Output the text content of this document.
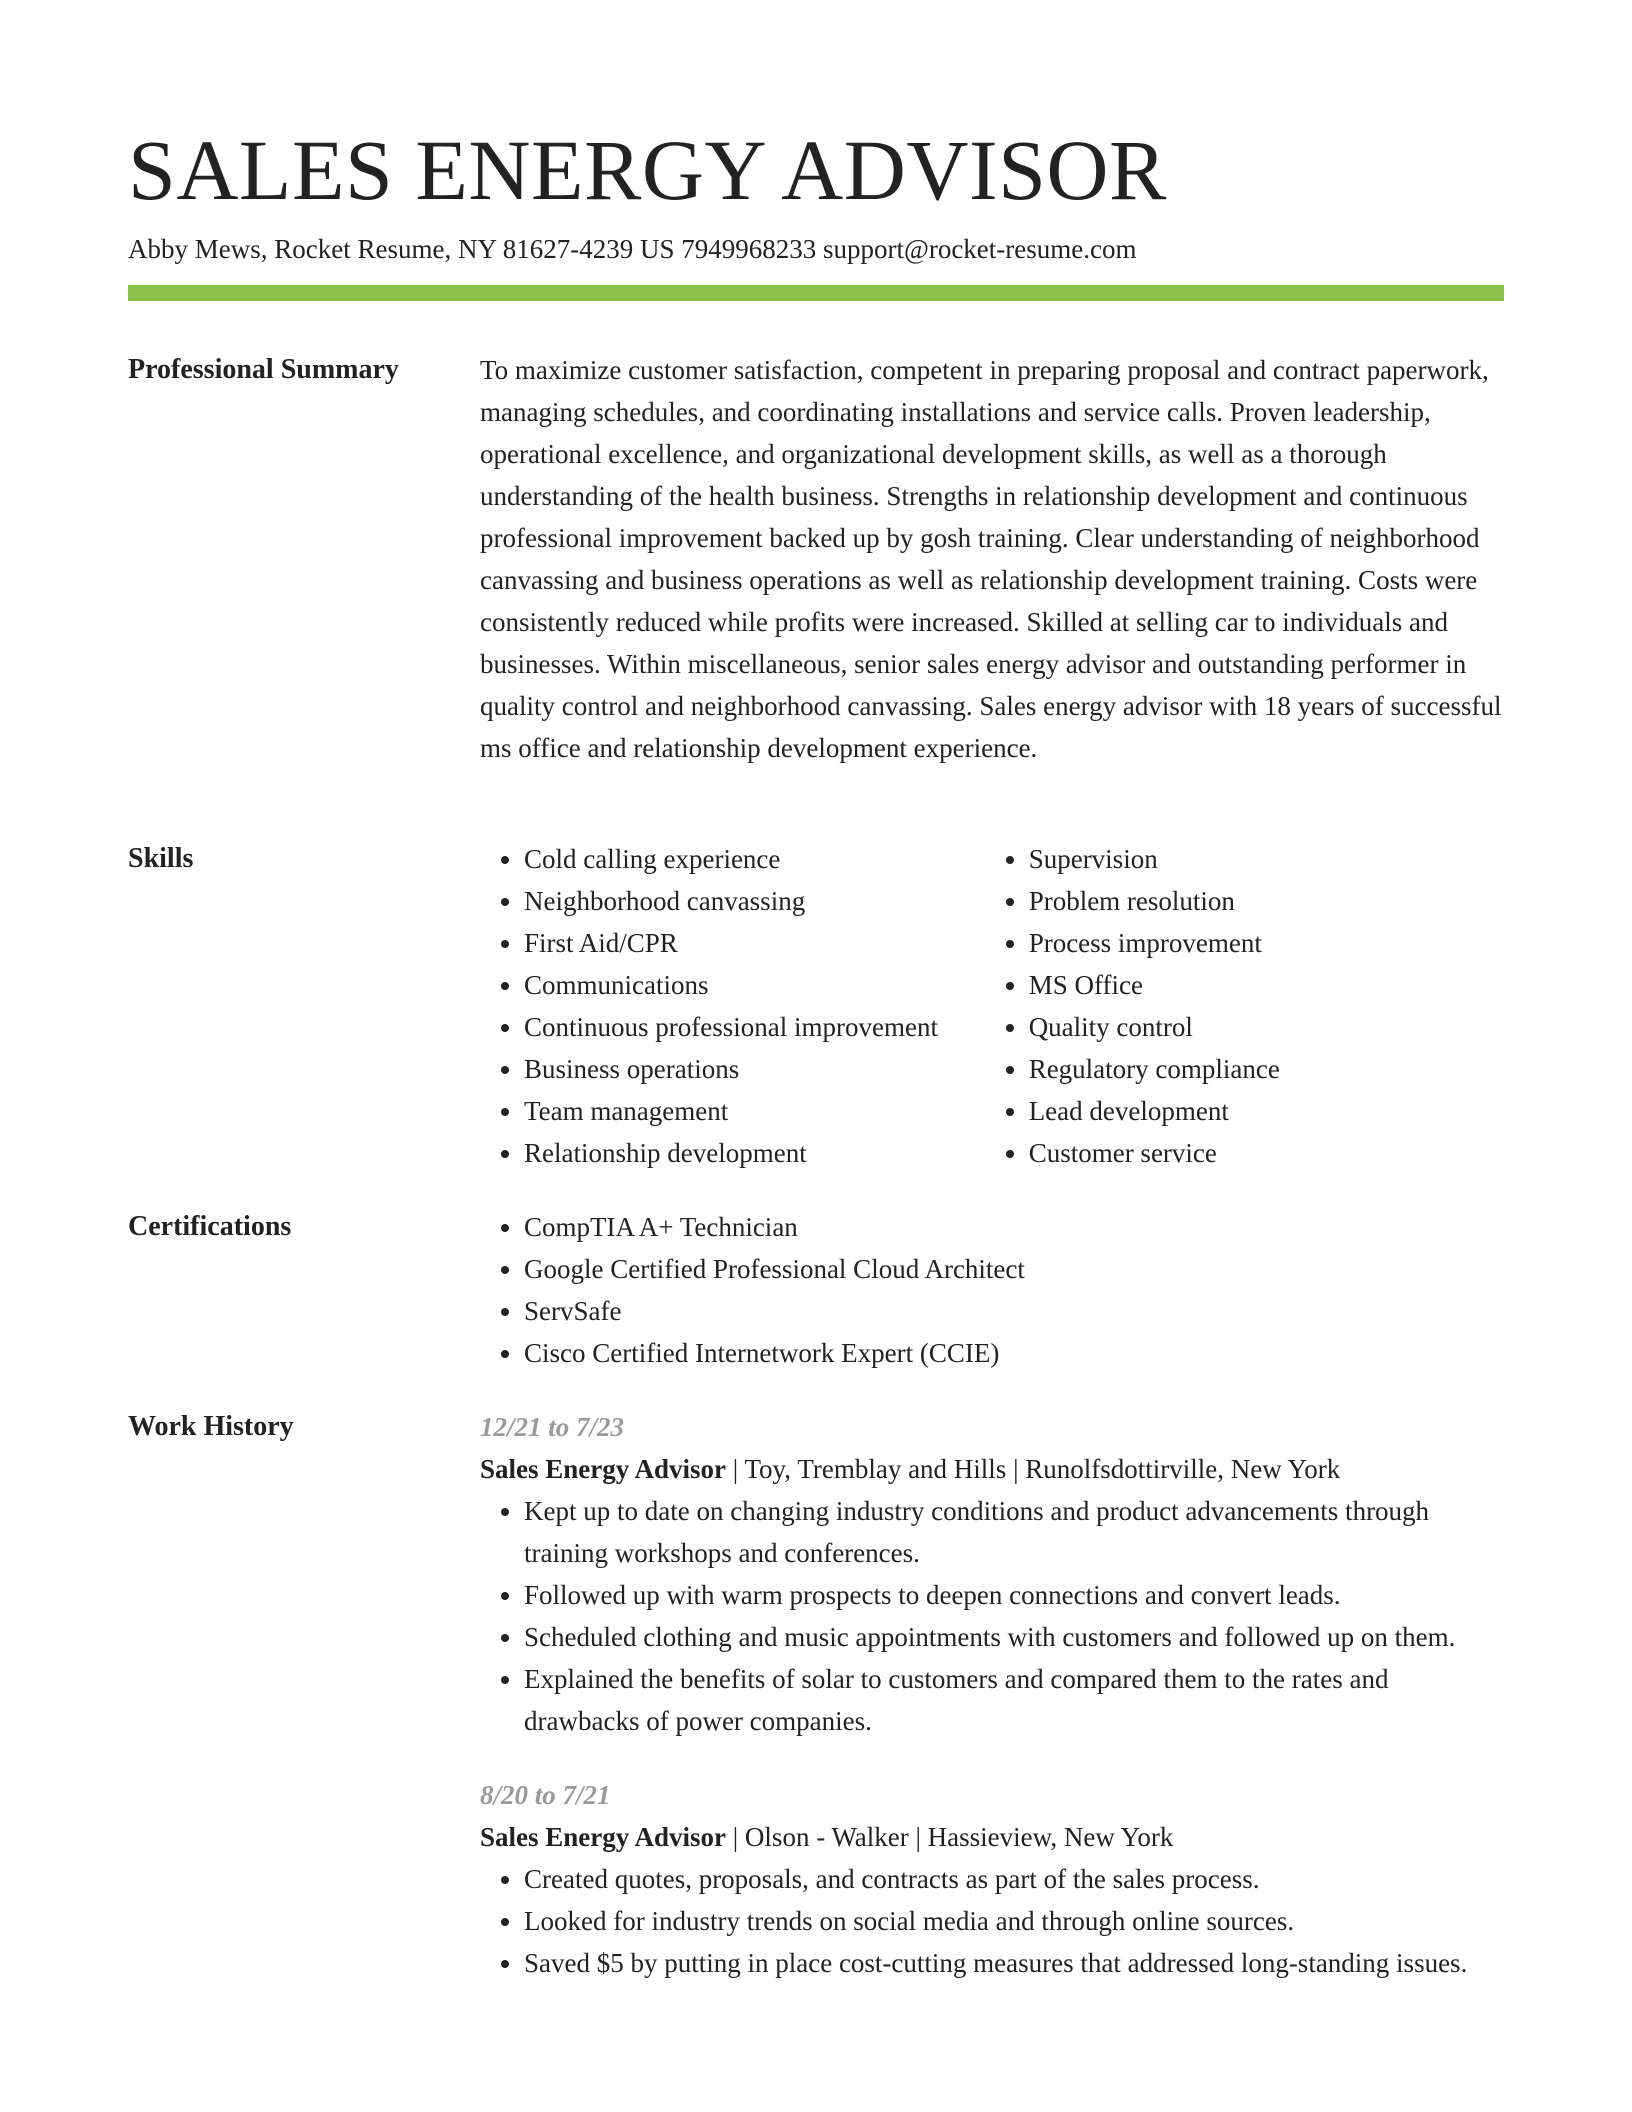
SALES ENERGY ADVISOR
Abby Mews, Rocket Resume, NY 81627-4239 US 7949968233 support@rocket-resume.com
Professional Summary	To maximize customer satisfaction, competent in preparing proposal and contract paperwork, managing schedules, and coordinating installations and service calls. Proven leadership, operational excellence, and organizational development skills, as well as a thorough understanding of the health business. Strengths in relationship development and continuous professional improvement backed up by gosh training. Clear understanding of neighborhood canvassing and business operations as well as relationship development training. Costs were consistently reduced while profits were increased. Skilled at selling car to individuals and businesses. Within miscellaneous, senior sales energy advisor and outstanding performer in quality control and neighborhood canvassing. Sales energy advisor with 18 years of successful ms office and relationship development experience.

Skills	• Cold calling experience
• Neighborhood canvassing
• First Aid/CPR
• Communications
• Continuous professional improvement
• Business operations
• Team management
• Relationship development
• Supervision
• Problem resolution
• Process improvement
• MS Office
• Quality control
• Regulatory compliance
• Lead development
• Customer service
Certifications	• CompTIA A+ Technician
• Google Certified Professional Cloud Architect
• ServSafe
• Cisco Certified Internetwork Expert (CCIE)
Work History	12/21 to 7/23
Sales Energy Advisor | Toy, Tremblay and Hills | Runolfsdottirville, New York
• Kept up to date on changing industry conditions and product advancements through training workshops and conferences.
• Followed up with warm prospects to deepen connections and convert leads.
• Scheduled clothing and music appointments with customers and followed up on them.
• Explained the benefits of solar to customers and compared them to the rates and drawbacks of power companies.
8/20 to 7/21
Sales Energy Advisor | Olson - Walker | Hassieview, New York
• Created quotes, proposals, and contracts as part of the sales process.
• Looked for industry trends on social media and through online sources.
• Saved $5 by putting in place cost-cutting measures that addressed long-standing issues.
